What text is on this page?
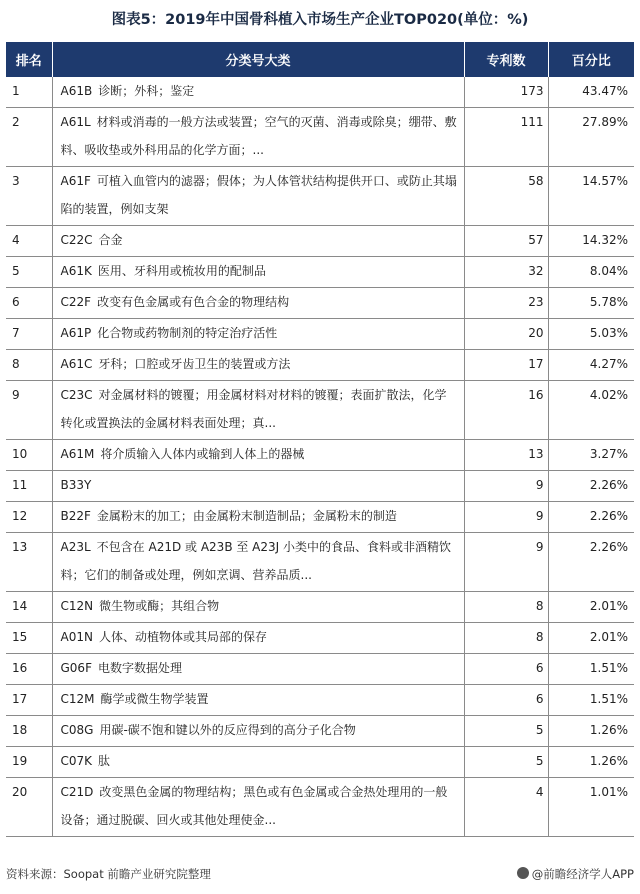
图表5：2019年中国骨科植入市场生产企业TOP020(单位：%)
排名	分类号大类	专利数	百分比
1	A61B 诊断；外科；鉴定	173	43.47%
2	A61L 材料或消毒的一般方法或装置；空气的灭菌、消毒或除臭；绷带、敷料、吸收垫或外科用品的化学方面；...	111	27.89%
3	A61F 可植入血管内的滤器；假体；为人体管状结构提供开口、或防止其塌陷的装置，例如支架	58	14.57%
4	C22C 合金	57	14.32%
5	A61K 医用、牙科用或梳妆用的配制品	32	8.04%
6	C22F 改变有色金属或有色合金的物理结构	23	5.78%
7	A61P 化合物或药物制剂的特定治疗活性	20	5.03%
8	A61C 牙科；口腔或牙齿卫生的装置或方法	17	4.27%
9	C23C 对金属材料的镀覆；用金属材料对材料的镀覆；表面扩散法，化学转化或置换法的金属材料表面处理；真...	16	4.02%
10	A61M 将介质输入人体内或输到人体上的器械	13	3.27%
11	B33Y	9	2.26%
12	B22F 金属粉末的加工；由金属粉末制造制品；金属粉末的制造	9	2.26%
13	A23L 不包含在 A21D 或 A23B 至 A23J 小类中的食品、食料或非酒精饮料；它们的制备或处理，例如烹调、营养品质...	9	2.26%
14	C12N 微生物或酶；其组合物	8	2.01%
15	A01N 人体、动植物体或其局部的保存	8	2.01%
16	G06F 电数字数据处理	6	1.51%
17	C12M 酶学或微生物学装置	6	1.51%
18	C08G 用碳-碳不饱和键以外的反应得到的高分子化合物	5	1.26%
19	C07K 肽	5	1.26%
20	C21D 改变黑色金属的物理结构；黑色或有色金属或合金热处理用的一般设备；通过脱碳、回火或其他处理使金...	4	1.01%
资料来源：Soopat 前瞻产业研究院整理	@前瞻经济学人APP
